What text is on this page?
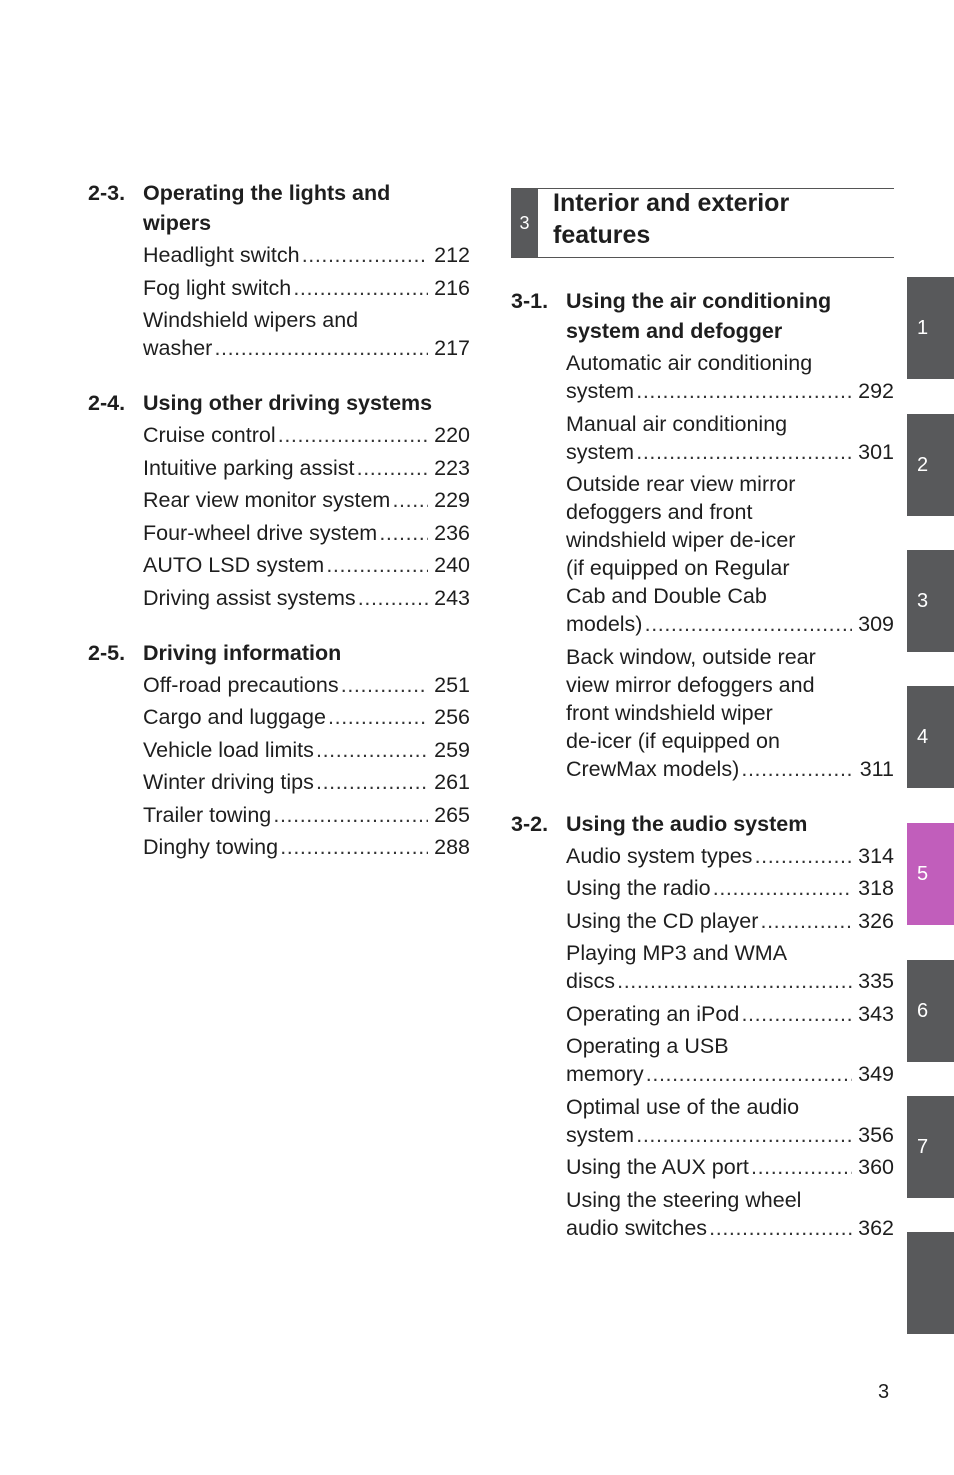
2-3. Operating the lights and
wipers
Headlight switch .....	212
Fog light switch .....	216
Windshield wipers and
washer .....	217
2-4. Using other driving systems
Cruise control .....	220
Intuitive parking assist .....	223
Rear view monitor system ..... 229
Four-wheel drive system .....	236
AUTO LSD system .....	240
Driving assist systems .....	243
2-5. Driving information
Off-road precautions .....	251
Cargo and luggage .....	256
Vehicle load limits .....	259
Winter driving tips .....	261
Trailer towing .....	265
Dinghy towing .....	288
3
Interior and exterior
features
3-1. Using the air conditioning
system and defogger
Automatic air conditioning
system .....	292
Manual air conditioning
system .....	301
Outside rear view mirror
defoggers and front
windshield wiper de-icer
(if equipped on Regular
Cab and Double Cab
models) .....	309
Back window, outside rear
view mirror defoggers and
front windshield wiper
de-icer (if equipped on
CrewMax models) .....	311
3-2. Using the audio system
Audio system types .....	314
Using the radio .....	318
Using the CD player .....	326
Playing MP3 and WMA
discs .....	335
Operating an iPod .....	343
Operating a USB
memory .....	349
Optimal use of the audio
system .....	356
Using the AUX port .....	360
Using the steering wheel
audio switches .....	362
1
2
3
4
5
6
7
3
